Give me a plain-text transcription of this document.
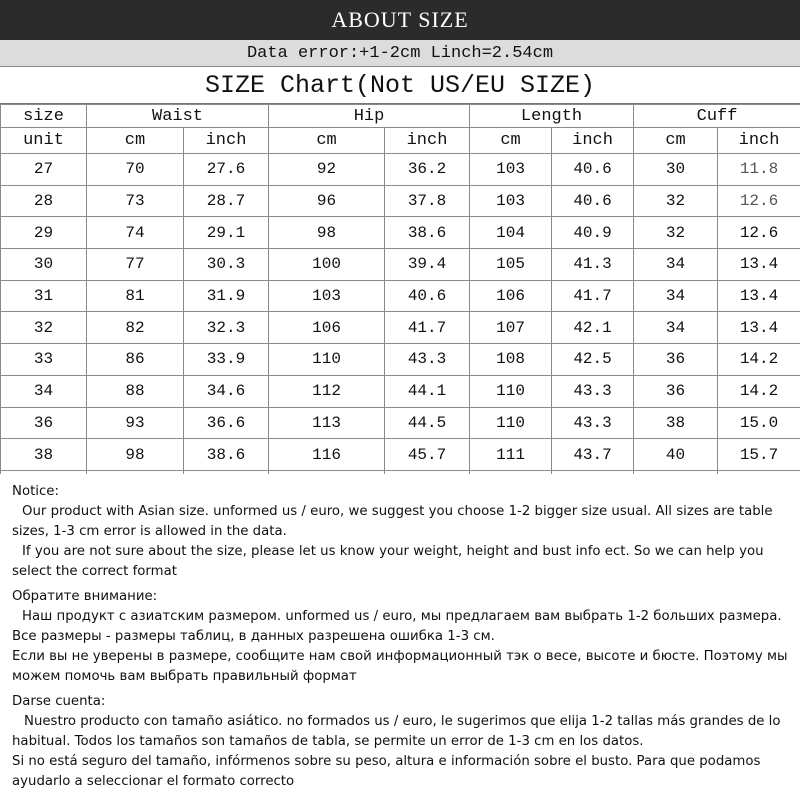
ABOUT SIZE
Data error:+1-2cm Linch=2.54cm
SIZE Chart(Not US/EU SIZE)
size	Waist		Hip		Length		Cuff	
unit	cm	inch	cm	inch	cm	inch	cm	inch
27	70	27.6	92	36.2	103	40.6	30	11.8
28	73	28.7	96	37.8	103	40.6	32	12.6
29	74	29.1	98	38.6	104	40.9	32	12.6
30	77	30.3	100	39.4	105	41.3	34	13.4
31	81	31.9	103	40.6	106	41.7	34	13.4
32	82	32.3	106	41.7	107	42.1	34	13.4
33	86	33.9	110	43.3	108	42.5	36	14.2
34	88	34.6	112	44.1	110	43.3	36	14.2
36	93	36.6	113	44.5	110	43.3	38	15.0
38	98	38.6	116	45.7	111	43.7	40	15.7

Notice:

Our product with Asian size. unformed us / euro, we suggest you choose 1-2 bigger size usual. All sizes are table sizes, 1-3 cm error is allowed in the data.

If you are not sure about the size, please let us know your weight, height and bust info ect. So we can help you select the correct format

Обратите внимание:

Наш продукт с азиатским размером. unformed us / euro, мы предлагаем вам выбрать 1-2 больших размера. Все размеры - размеры таблиц, в данных разрешена ошибка 1-3 см.

Если вы не уверены в размере, сообщите нам свой информационный тэк о весе, высоте и бюсте. Поэтому мы можем помочь вам выбрать правильный формат

Darse cuenta:

Nuestro producto con tamaño asiático. no formados us / euro, le sugerimos que elija 1-2 tallas más grandes de lo habitual. Todos los tamaños son tamaños de tabla, se permite un error de 1-3 cm en los datos.

Si no está seguro del tamaño, infórmenos sobre su peso, altura e información sobre el busto. Para que podamos ayudarlo a seleccionar el formato correcto
